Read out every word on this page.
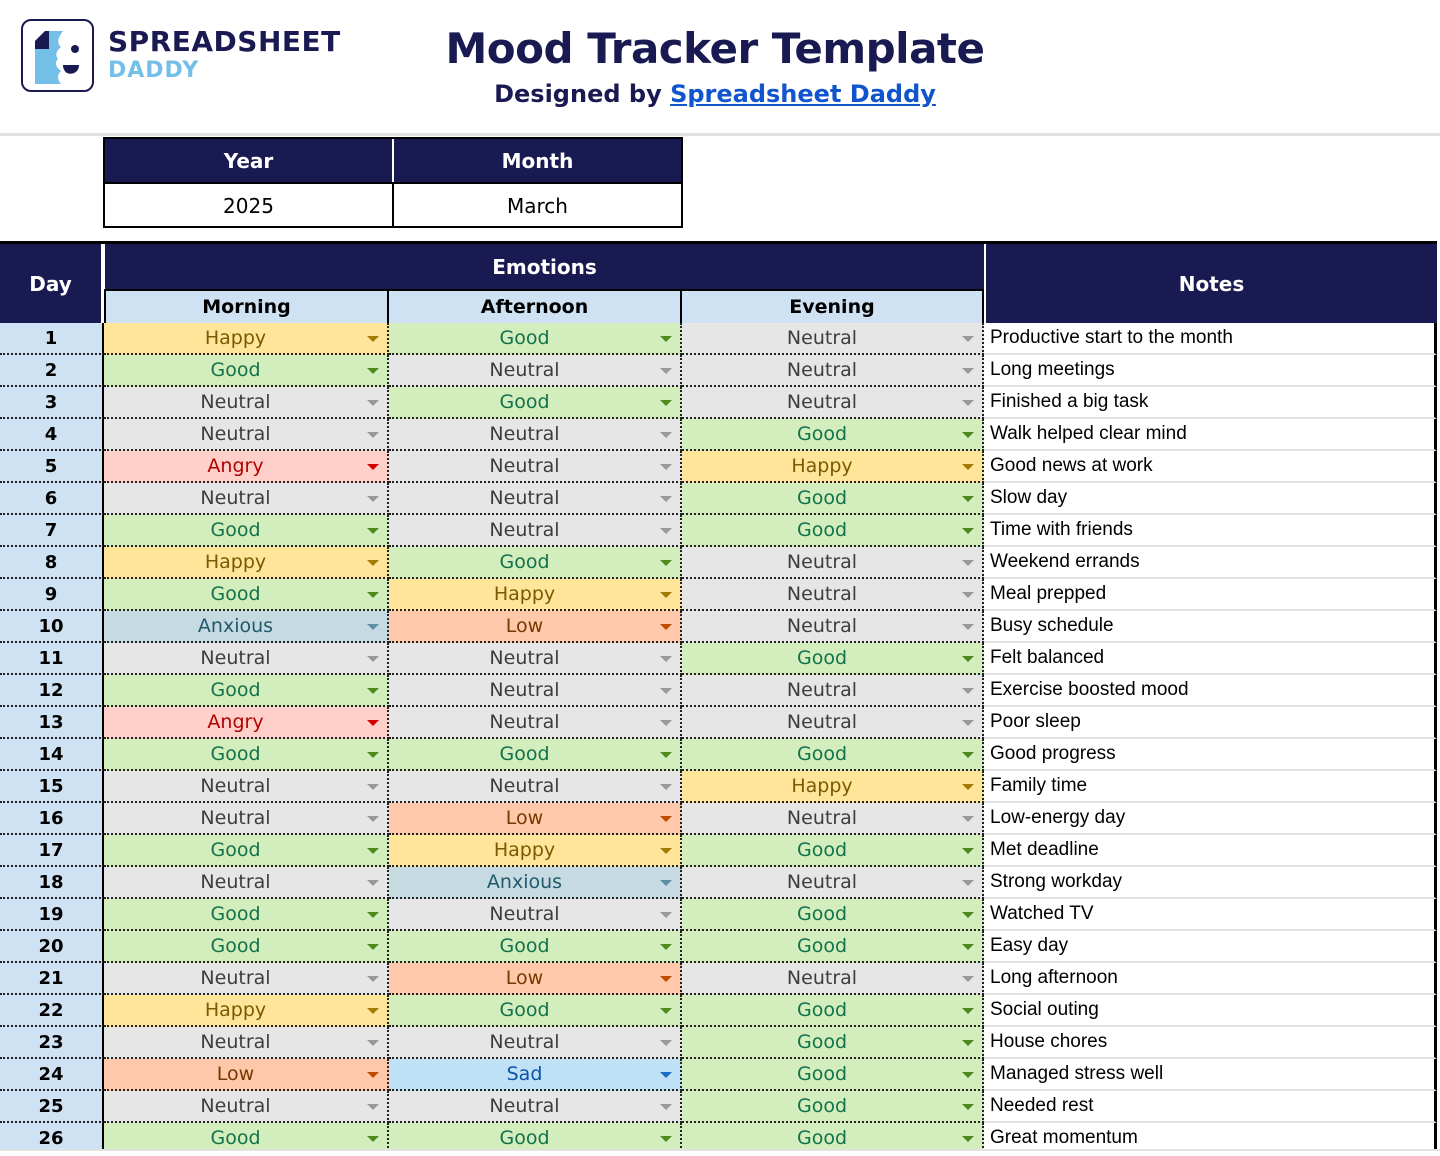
SPREADSHEET
DADDY	Mood Tracker Template
Designed by Spreadsheet Daddy
Year	Month
2025	March
Day
Emotions
Morning	Afternoon	Evening
Notes
1	Happy	Good	Neutral	Productive start to the month
2	Good	Neutral	Neutral	Long meetings
3	Neutral	Good	Neutral	Finished a big task
4	Neutral	Neutral	Good	Walk helped clear mind
5	Angry	Neutral	Happy	Good news at work
6	Neutral	Neutral	Good	Slow day
7	Good	Neutral	Good	Time with friends
8	Happy	Good	Neutral	Weekend errands
9	Good	Happy	Neutral	Meal prepped
10	Anxious	Low	Neutral	Busy schedule
11	Neutral	Neutral	Good	Felt balanced
12	Good	Neutral	Neutral	Exercise boosted mood
13	Angry	Neutral	Neutral	Poor sleep
14	Good	Good	Good	Good progress
15	Neutral	Neutral	Happy	Family time
16	Neutral	Low	Neutral	Low-energy day
17	Good	Happy	Good	Met deadline
18	Neutral	Anxious	Neutral	Strong workday
19	Good	Neutral	Good	Watched TV
20	Good	Good	Good	Easy day
21	Neutral	Low	Neutral	Long afternoon
22	Happy	Good	Good	Social outing
23	Neutral	Neutral	Good	House chores
24	Low	Sad	Good	Managed stress well
25	Neutral	Neutral	Good	Needed rest
26	Good	Good	Good	Great momentum
